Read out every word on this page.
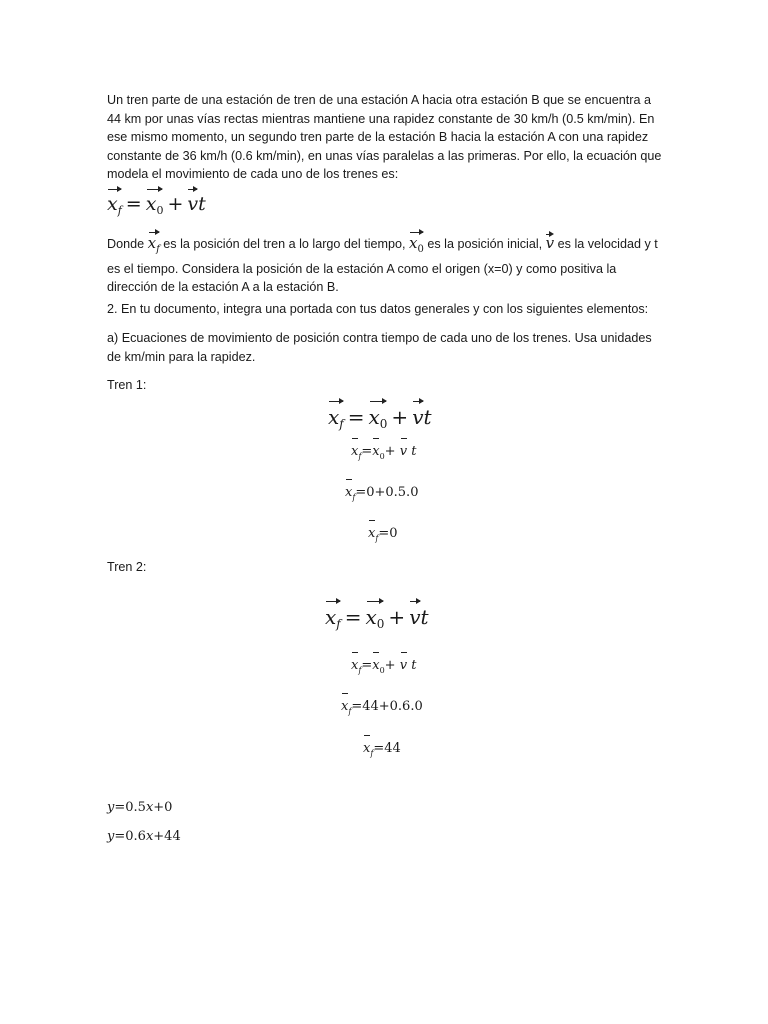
Un tren parte de una estación de tren de una estación A hacia otra estación B que se encuentra a 44 km por unas vías rectas mientras mantiene una rapidez constante de 30 km/h (0.5 km/min). En ese mismo momento, un segundo tren parte de la estación B hacia la estación A con una rapidez constante de 36 km/h (0.6 km/min), en unas vías paralelas a las primeras. Por ello, la ecuación que modela el movimiento de cada uno de los trenes es:

$x_f = x_0$ + vt

Donde $x_f$ es la posición del tren a lo largo del tiempo, $x_0$ es la posición inicial, v es la velocidad y t es el tiempo. Considera la posición de la estación A como el origen (x=0) y como positiva la dirección de la estación A a la estación B.

2. En tu documento, integra una portada con tus datos generales y con los siguientes elementos:

a) Ecuaciones de movimiento de posición contra tiempo de cada uno de los trenes. Usa unidades de km/min para la rapidez.

Tren 1:

$x_f = x_0$ + vt
$x_f=x_0+ v$ t
$x_f=0+0.5.0$
$x_f=0$

Tren 2:

$x_f = x_0$ + vt
$x_f=x_0+ v$ t
$x_f=44+0.6.0$
$x_f=44$
y=0.5x+0
y=0.6x+44
